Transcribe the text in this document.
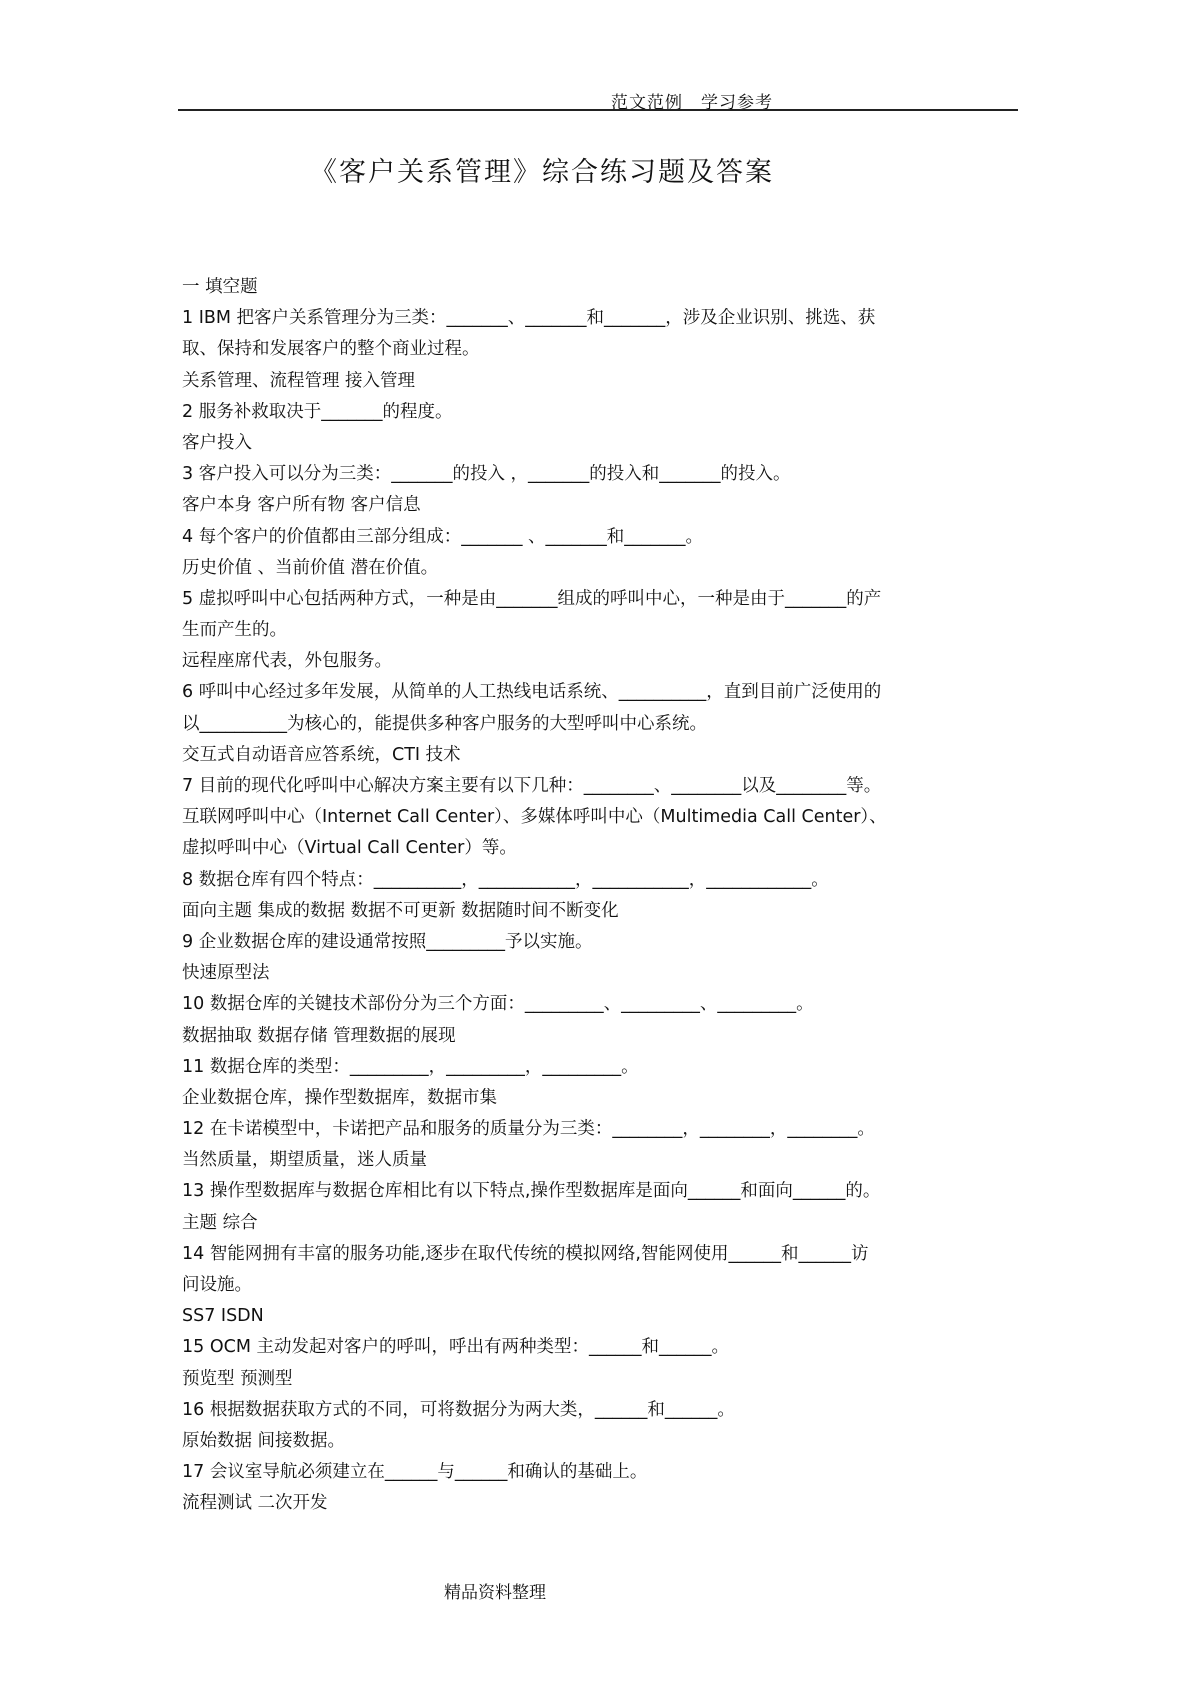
范文范例　学习参考
《客户关系管理》综合练习题及答案
一 填空题
1 IBM 把客户关系管理分为三类：_______、_______和_______，涉及企业识别、挑选、获
取、保持和发展客户的整个商业过程。
关系管理、流程管理 接入管理
2 服务补救取决于_______的程度。
客户投入
3 客户投入可以分为三类：_______的投入 ，_______的投入和_______的投入。
客户本身 客户所有物 客户信息
4 每个客户的价值都由三部分组成：_______ 、_______和_______。
历史价值 、当前价值 潜在价值。
5 虚拟呼叫中心包括两种方式，一种是由_______组成的呼叫中心，一种是由于_______的产
生而产生的。
远程座席代表，外包服务。
6 呼叫中心经过多年发展，从简单的人工热线电话系统、__________，直到目前广泛使用的
以__________为核心的，能提供多种客户服务的大型呼叫中心系统。
交互式自动语音应答系统，CTI 技术
7 目前的现代化呼叫中心解决方案主要有以下几种：________、________以及________等。
互联网呼叫中心（Internet Call Center）、多媒体呼叫中心（Multimedia Call Center）、
虚拟呼叫中心（Virtual Call Center）等。
8 数据仓库有四个特点：__________，___________，___________，____________。
面向主题 集成的数据 数据不可更新 数据随时间不断变化
9 企业数据仓库的建设通常按照_________予以实施。
快速原型法
10 数据仓库的关键技术部份分为三个方面：_________、_________、_________。
数据抽取 数据存储 管理数据的展现
11 数据仓库的类型：_________，_________，_________。
企业数据仓库，操作型数据库，数据市集
12 在卡诺模型中，卡诺把产品和服务的质量分为三类：________，________，________。
当然质量，期望质量，迷人质量
13 操作型数据库与数据仓库相比有以下特点,操作型数据库是面向______和面向______的。
主题 综合
14 智能网拥有丰富的服务功能,逐步在取代传统的模拟网络,智能网使用______和______访
问设施。
SS7 ISDN
15 OCM 主动发起对客户的呼叫，呼出有两种类型：______和______。
预览型 预测型
16 根据数据获取方式的不同，可将数据分为两大类，______和______。
原始数据 间接数据。
17 会议室导航必须建立在______与______和确认的基础上。
流程测试 二次开发
精品资料整理
